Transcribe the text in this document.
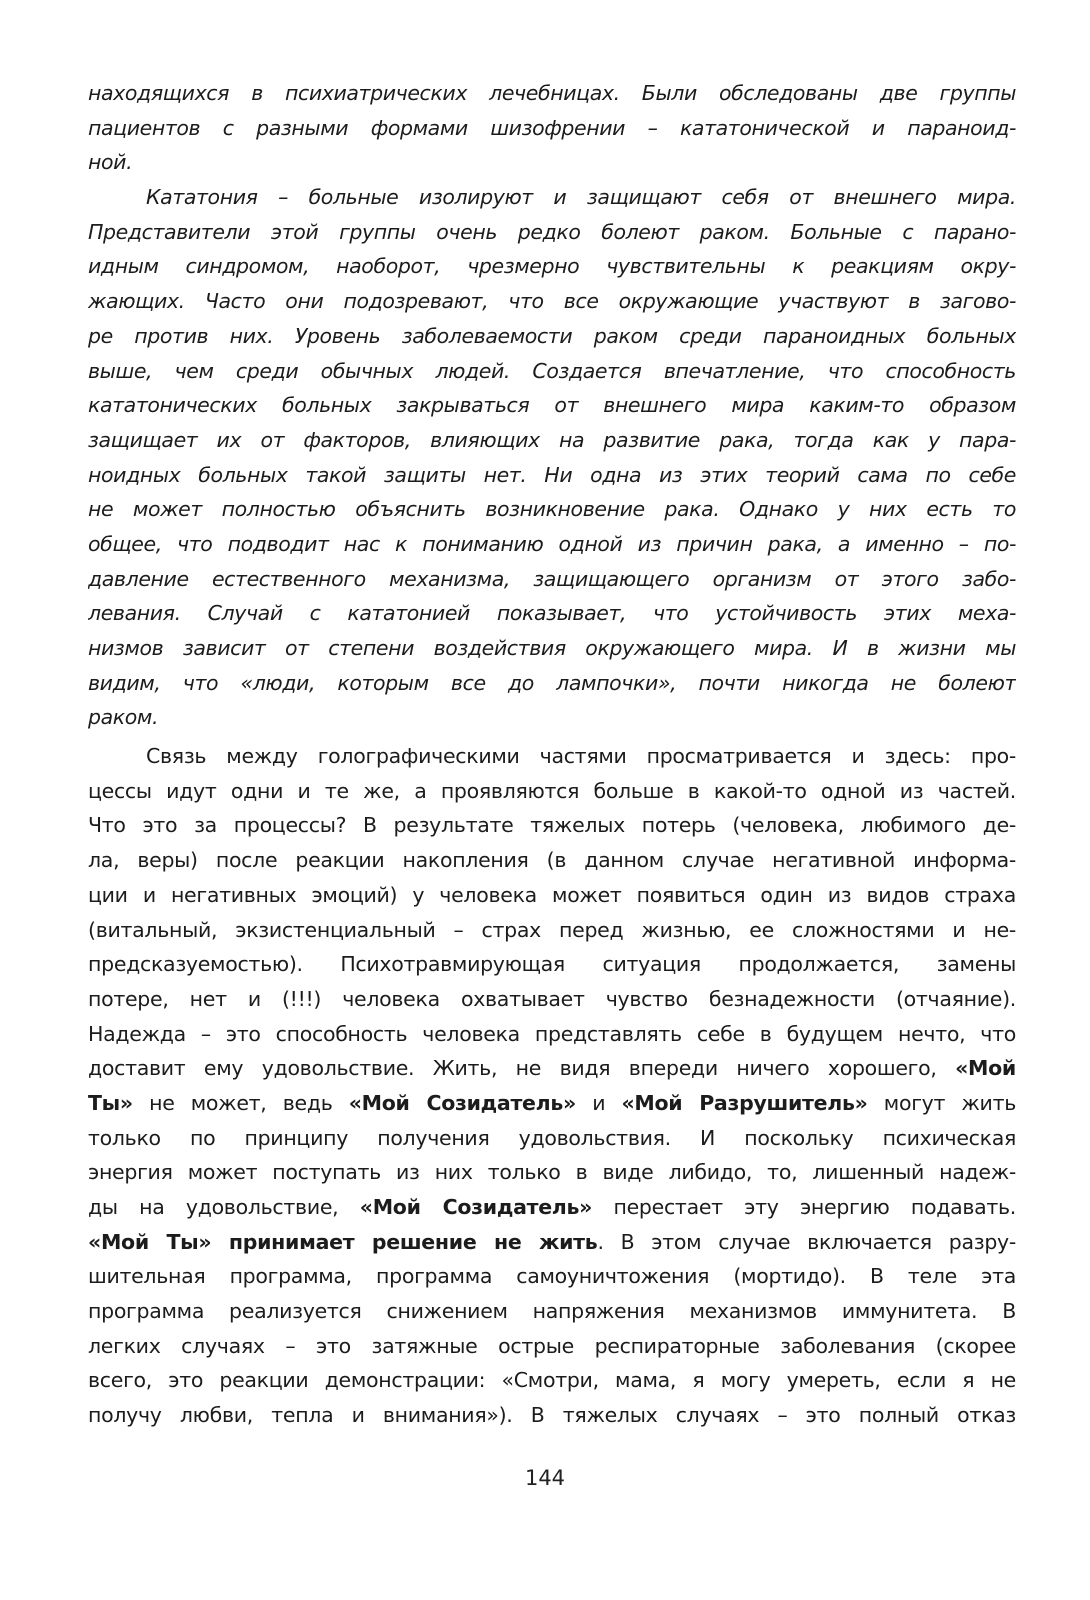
находящихся в психиатрических лечебницах. Были обследованы две группы
пациентов с разными формами шизофрении – кататонической и параноид-
ной.
Кататония – больные изолируют и защищают себя от внешнего мира.
Представители этой группы очень редко болеют раком. Больные с парано-
идным синдромом, наоборот, чрезмерно чувствительны к реакциям окру-
жающих. Часто они подозревают, что все окружающие участвуют в загово-
ре против них. Уровень заболеваемости раком среди параноидных больных
выше, чем среди обычных людей. Создается впечатление, что способность
кататонических больных закрываться от внешнего мира каким-то образом
защищает их от факторов, влияющих на развитие рака, тогда как у пара-
ноидных больных такой защиты нет. Ни одна из этих теорий сама по себе
не может полностью объяснить возникновение рака. Однако у них есть то
общее, что подводит нас к пониманию одной из причин рака, а именно – по-
давление естественного механизма, защищающего организм от этого забо-
левания. Случай с кататонией показывает, что устойчивость этих меха-
низмов зависит от степени воздействия окружающего мира. И в жизни мы
видим, что «люди, которым все до лампочки», почти никогда не болеют
раком.
Связь между голографическими частями просматривается и здесь: про-
цессы идут одни и те же, а проявляются больше в какой-то одной из частей.
Что это за процессы? В результате тяжелых потерь (человека, любимого де-
ла, веры) после реакции накопления (в данном случае негативной информа-
ции и негативных эмоций) у человека может появиться один из видов страха
(витальный, экзистенциальный – страх перед жизнью, ее сложностями и не-
предсказуемостью). Психотравмирующая ситуация продолжается, замены
потере, нет и (!!!) человека охватывает чувство безнадежности (отчаяние).
Надежда – это способность человека представлять себе в будущем нечто, что
доставит ему удовольствие. Жить, не видя впереди ничего хорошего, «Мой
Ты» не может, ведь «Мой Созидатель» и «Мой Разрушитель» могут жить
только по принципу получения удовольствия. И поскольку психическая
энергия может поступать из них только в виде либидо, то, лишенный надеж-
ды на удовольствие, «Мой Созидатель» перестает эту энергию подавать.
«Мой Ты» принимает решение не жить. В этом случае включается разру-
шительная программа, программа самоуничтожения (мортидо). В теле эта
программа реализуется снижением напряжения механизмов иммунитета. В
легких случаях – это затяжные острые респираторные заболевания (скорее
всего, это реакции демонстрации: «Смотри, мама, я могу умереть, если я не
получу любви, тепла и внимания»). В тяжелых случаях – это полный отказ
144
